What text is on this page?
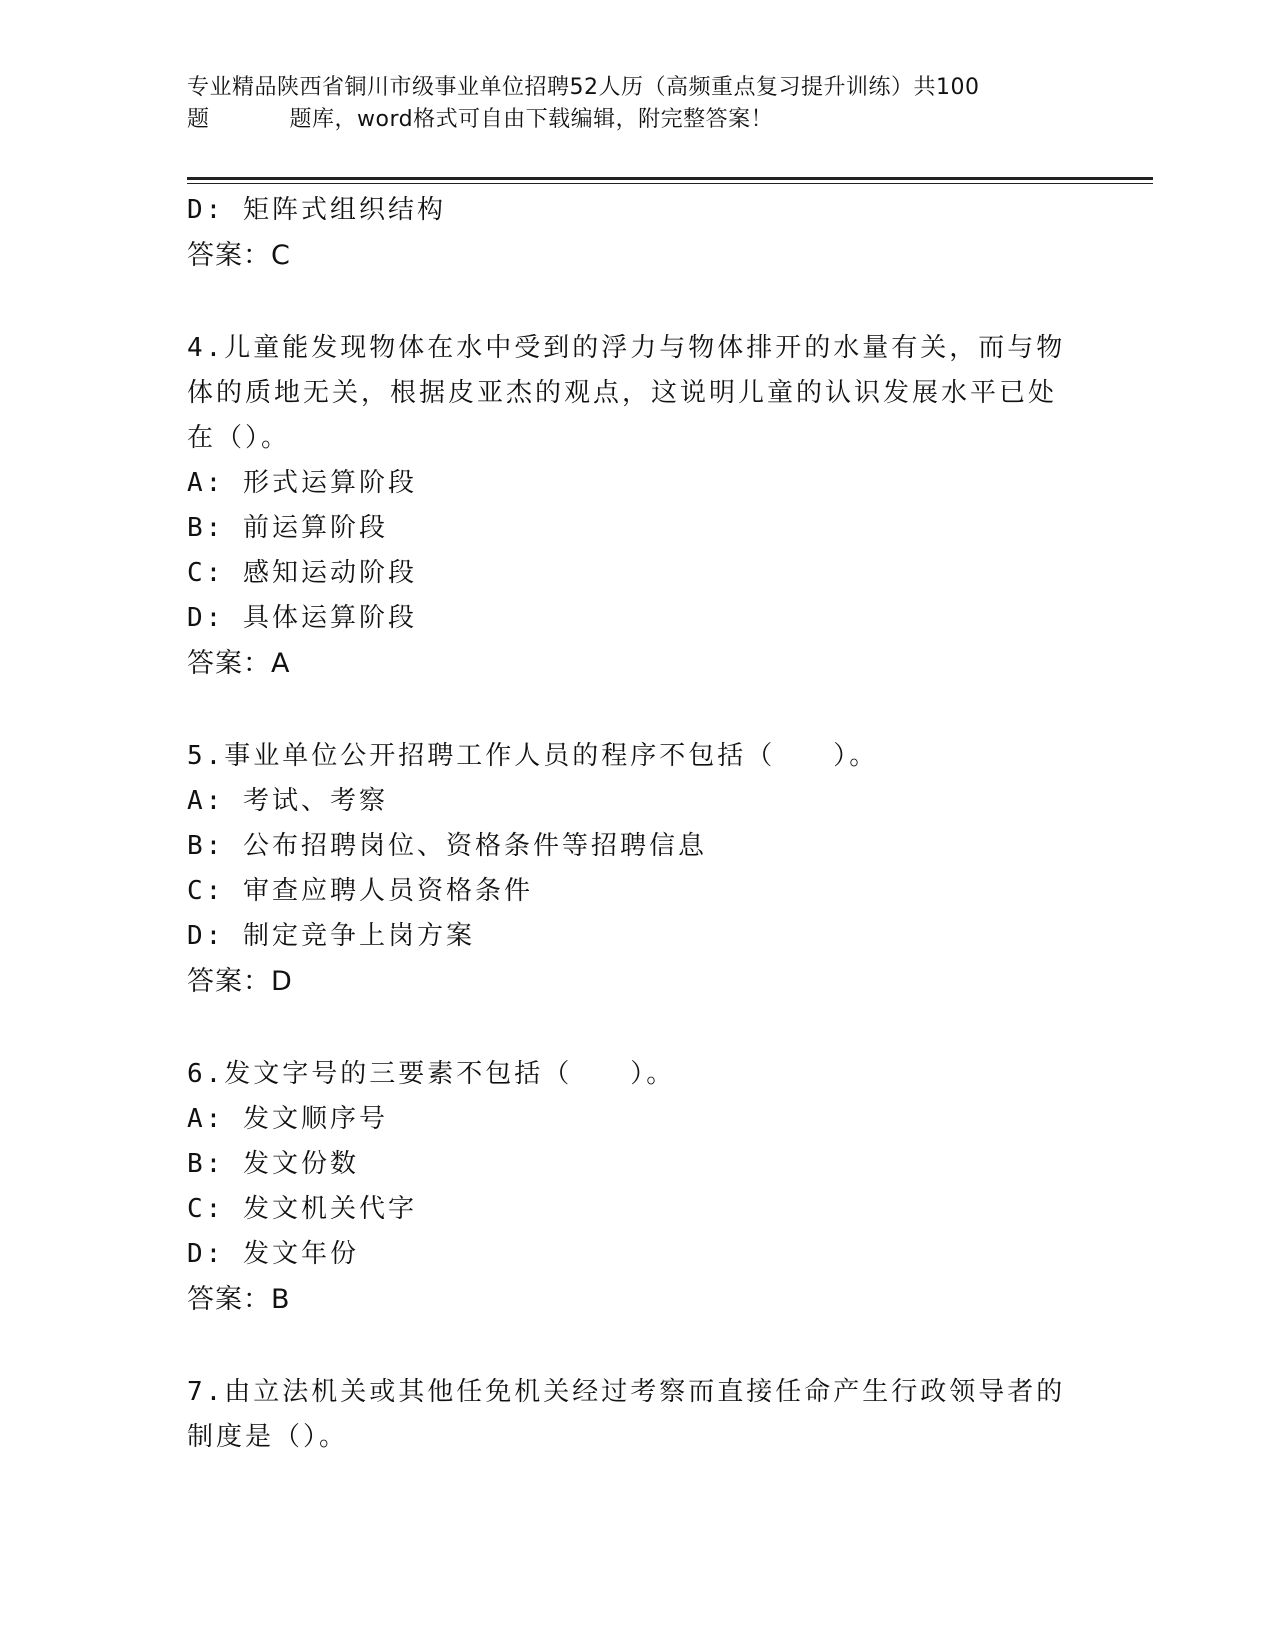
专业精品陕西省铜川市级事业单位招聘52人历（高频重点复习提升训练）共100
题	题库，word格式可自由下载编辑，附完整答案！
D: 矩阵式组织结构
答案：C
4.儿童能发现物体在水中受到的浮力与物体排开的水量有关，而与物体的质地无关，根据皮亚杰的观点，这说明儿童的认识发展水平已处在（）。
A: 形式运算阶段
B: 前运算阶段
C: 感知运动阶段
D: 具体运算阶段
答案：A
5.事业单位公开招聘工作人员的程序不包括（　　）。
A: 考试、考察
B: 公布招聘岗位、资格条件等招聘信息
C: 审查应聘人员资格条件
D: 制定竞争上岗方案
答案：D
6.发文字号的三要素不包括（　　）。
A: 发文顺序号
B: 发文份数
C: 发文机关代字
D: 发文年份
答案：B
7.由立法机关或其他任免机关经过考察而直接任命产生行政领导者的制度是（）。
